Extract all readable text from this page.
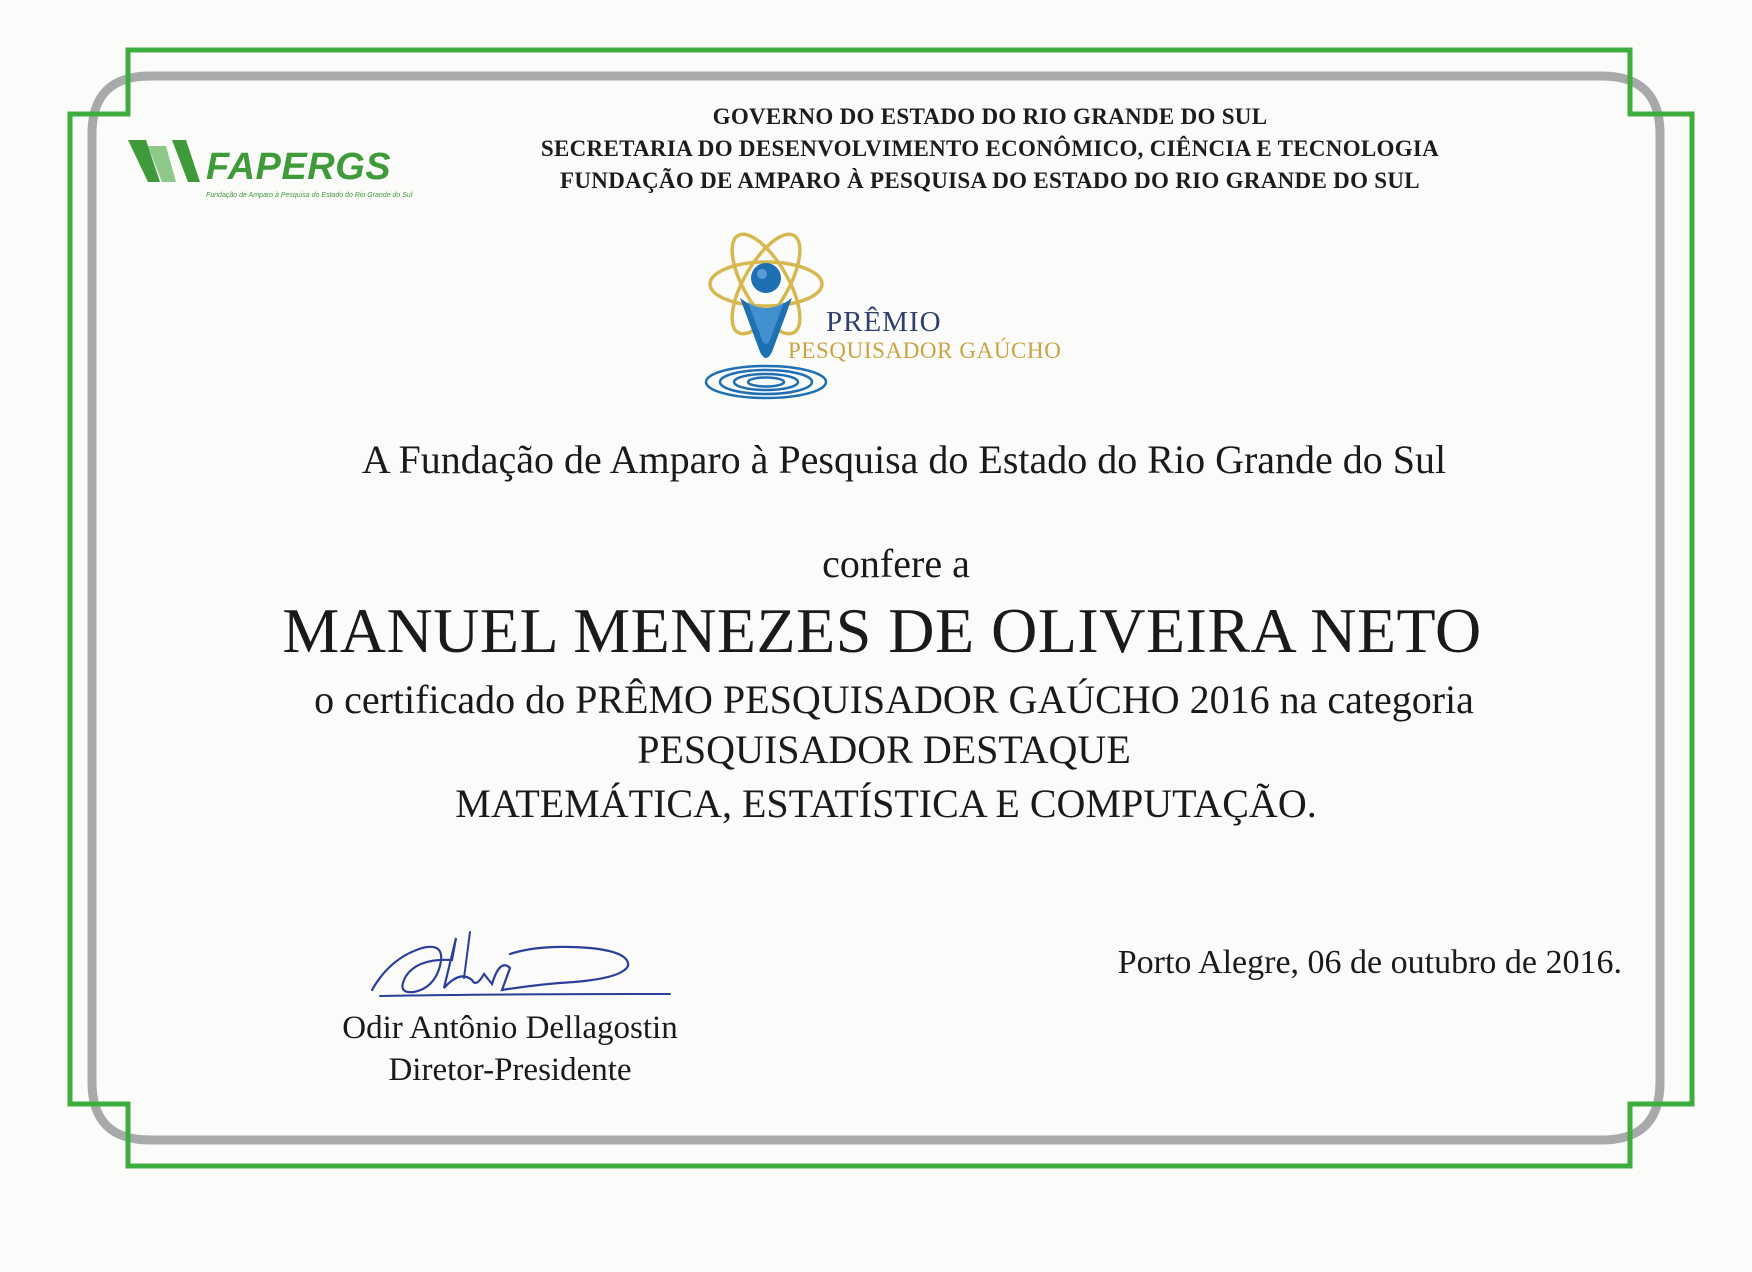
GOVERNO DO ESTADO DO RIO GRANDE DO SUL
SECRETARIA DO DESENVOLVIMENTO ECONÔMICO, CIÊNCIA E TECNOLOGIA
FUNDAÇÃO DE AMPARO À PESQUISA DO ESTADO DO RIO GRANDE DO SUL
FAPERGS
Fundação de Amparo à Pesquisa do Estado do Rio Grande do Sul
PRÊMIO
PESQUISADOR GAÚCHO
A Fundação de Amparo à Pesquisa do Estado do Rio Grande do Sul
confere a
MANUEL MENEZES DE OLIVEIRA NETO
o certificado do PRÊMO PESQUISADOR GAÚCHO 2016 na categoria
PESQUISADOR DESTAQUE
MATEMÁTICA, ESTATÍSTICA E COMPUTAÇÃO.
Porto Alegre, 06 de outubro de 2016.
Odir Antônio Dellagostin
Diretor-Presidente
